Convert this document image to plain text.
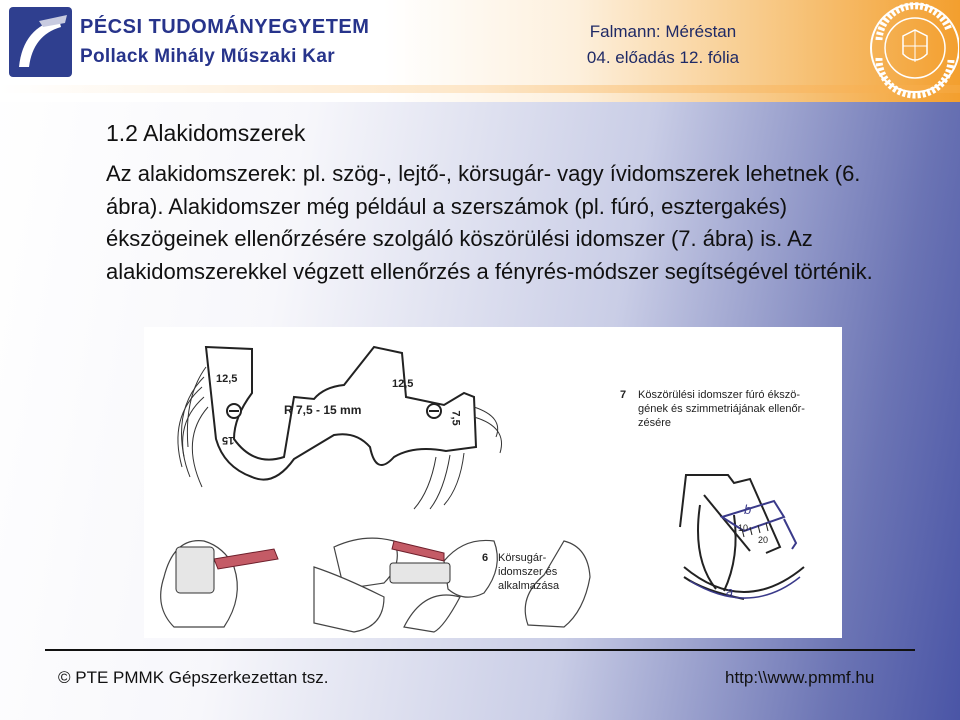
PÉCSI TUDOMÁNYEGYETEM
Pollack Mihály Műszaki Kar
Falmann: Méréstan
04. előadás 12. fólia
1.2 Alakidomszerek
Az alakidomszerek: pl. szög-, lejtő-, körsugár- vagy ívidomszerek lehetnek (6. ábra). Alakidomszer még például a szerszámok (pl. fúró, esztergakés) ékszögeinek ellenőrzésére szolgáló köszörülési idomszer (7. ábra) is. Az alakidomszerekkel végzett ellenőrzés a fényrés-módszer segítségével történik.
12,5	12,5
R 7,5 - 15 mm
7,5
15
6 Körsugár-
idomszer és
alkalmazása
7 Köszörülési idomszer fúró ékszö-
gének és szimmetriájának ellenőr-
zésére
10
20
a
b
© PTE PMMK Gépszerkezettan tsz.	http:\\www.pmmf.hu
